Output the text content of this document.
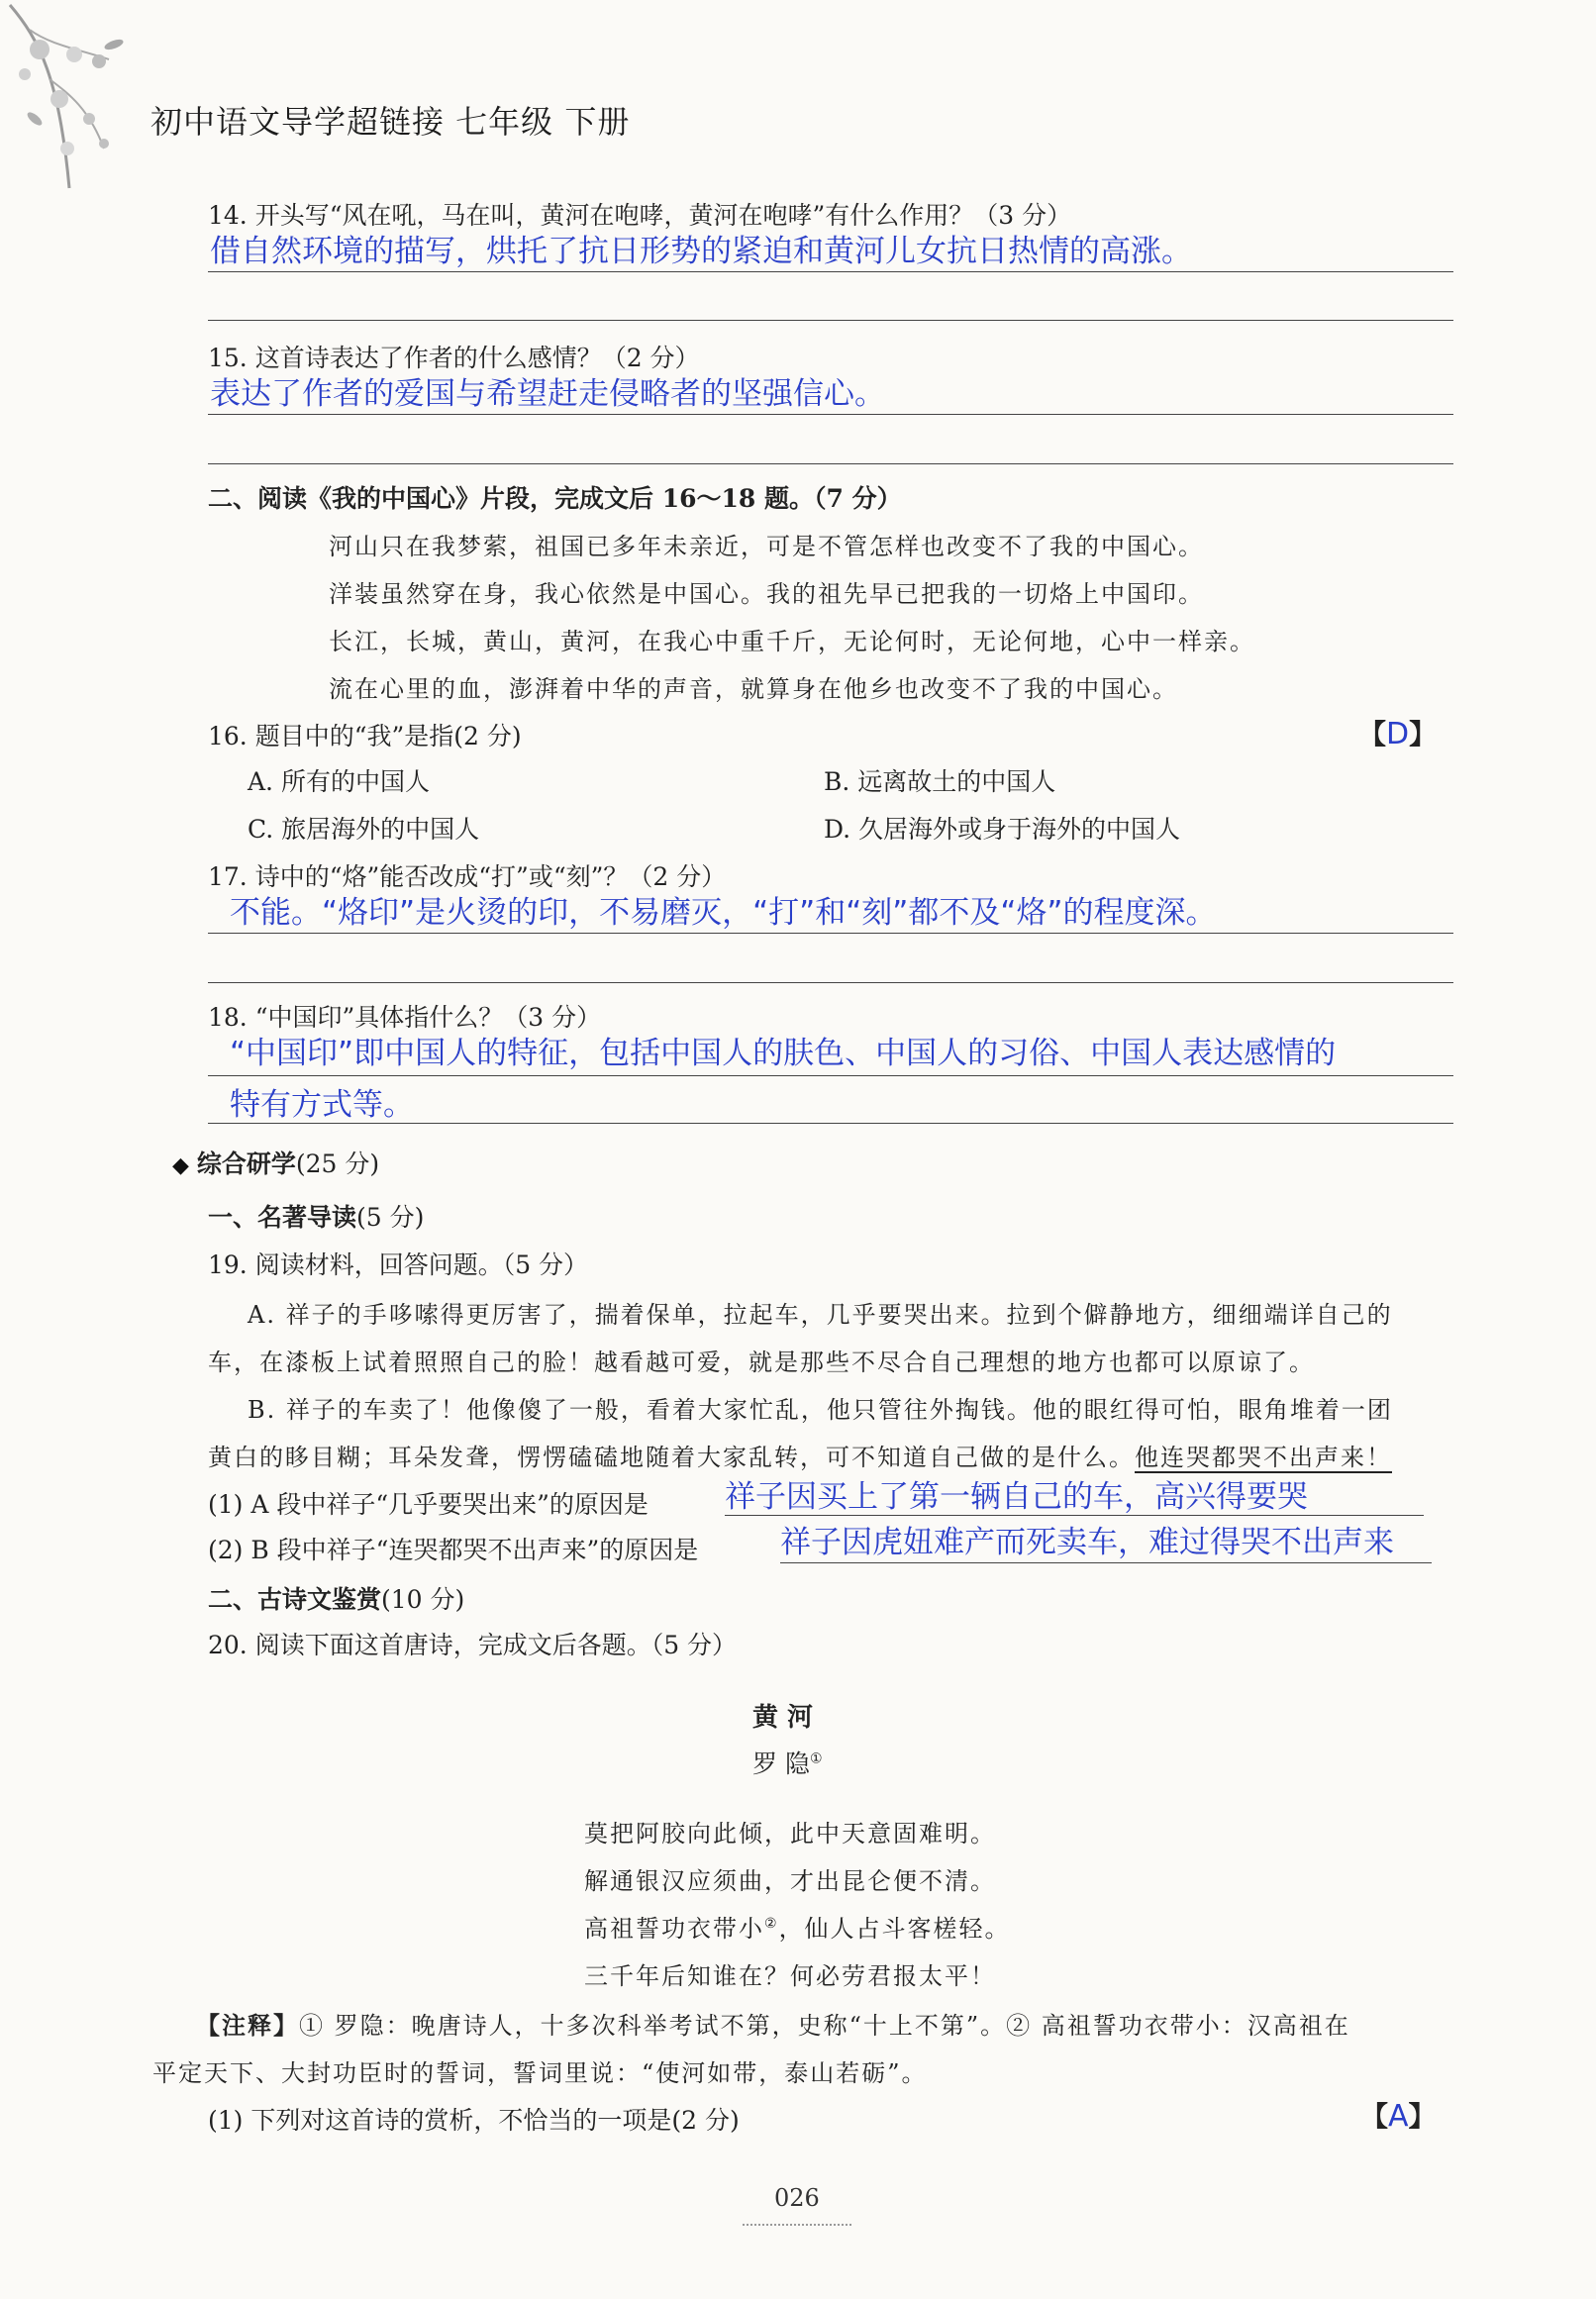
初中语文导学超链接 七年级 下册
14. 开头写“风在吼，马在叫，黄河在咆哮，黄河在咆哮”有什么作用？（3 分）
借自然环境的描写，烘托了抗日形势的紧迫和黄河儿女抗日热情的高涨。
15. 这首诗表达了作者的什么感情？（2 分）
表达了作者的爱国与希望赶走侵略者的坚强信心。
二、阅读《我的中国心》片段，完成文后 16～18 题。（7 分）
河山只在我梦萦，祖国已多年未亲近，可是不管怎样也改变不了我的中国心。
洋装虽然穿在身，我心依然是中国心。我的祖先早已把我的一切烙上中国印。
长江，长城，黄山，黄河，在我心中重千斤，无论何时，无论何地，心中一样亲。
流在心里的血，澎湃着中华的声音，就算身在他乡也改变不了我的中国心。
16. 题目中的“我”是指(2 分)	【D】
A. 所有的中国人	B. 远离故土的中国人
C. 旅居海外的中国人	D. 久居海外或身于海外的中国人
17. 诗中的“烙”能否改成“打”或“刻”？（2 分）
不能。“烙印”是火烫的印，不易磨灭，“打”和“刻”都不及“烙”的程度深。
18. “中国印”具体指什么？（3 分）
“中国印”即中国人的特征，包括中国人的肤色、中国人的习俗、中国人表达感情的
特有方式等。
◆ 综合研学(25 分)
一、名著导读(5 分)
19. 阅读材料，回答问题。（5 分）
A. 祥子的手哆嗦得更厉害了，揣着保单，拉起车，几乎要哭出来。拉到个僻静地方，细细端详自己的
车，在漆板上试着照照自己的脸！越看越可爱，就是那些不尽合自己理想的地方也都可以原谅了。
B. 祥子的车卖了！他像傻了一般，看着大家忙乱，他只管往外掏钱。他的眼红得可怕，眼角堆着一团
黄白的眵目糊；耳朵发聋，愣愣磕磕地随着大家乱转，可不知道自己做的是什么。他连哭都哭不出声来！
(1) A 段中祥子“几乎要哭出来”的原因是 祥子因买上了第一辆自己的车，高兴得要哭
(2) B 段中祥子“连哭都哭不出声来”的原因是	祥子因虎妞难产而死卖车，难过得哭不出声来
二、古诗文鉴赏(10 分)
20. 阅读下面这首唐诗，完成文后各题。（5 分）
黄 河
罗 隐①
莫把阿胶向此倾，此中天意固难明。
解通银汉应须曲，才出昆仑便不清。
高祖誓功衣带小②，仙人占斗客槎轻。
三千年后知谁在？何必劳君报太平！
【注释】① 罗隐：晚唐诗人，十多次科举考试不第，史称“十上不第”。② 高祖誓功衣带小：汉高祖在
平定天下、大封功臣时的誓词，誓词里说：“使河如带，泰山若砺”。
(1) 下列对这首诗的赏析，不恰当的一项是(2 分)	【A】
026
